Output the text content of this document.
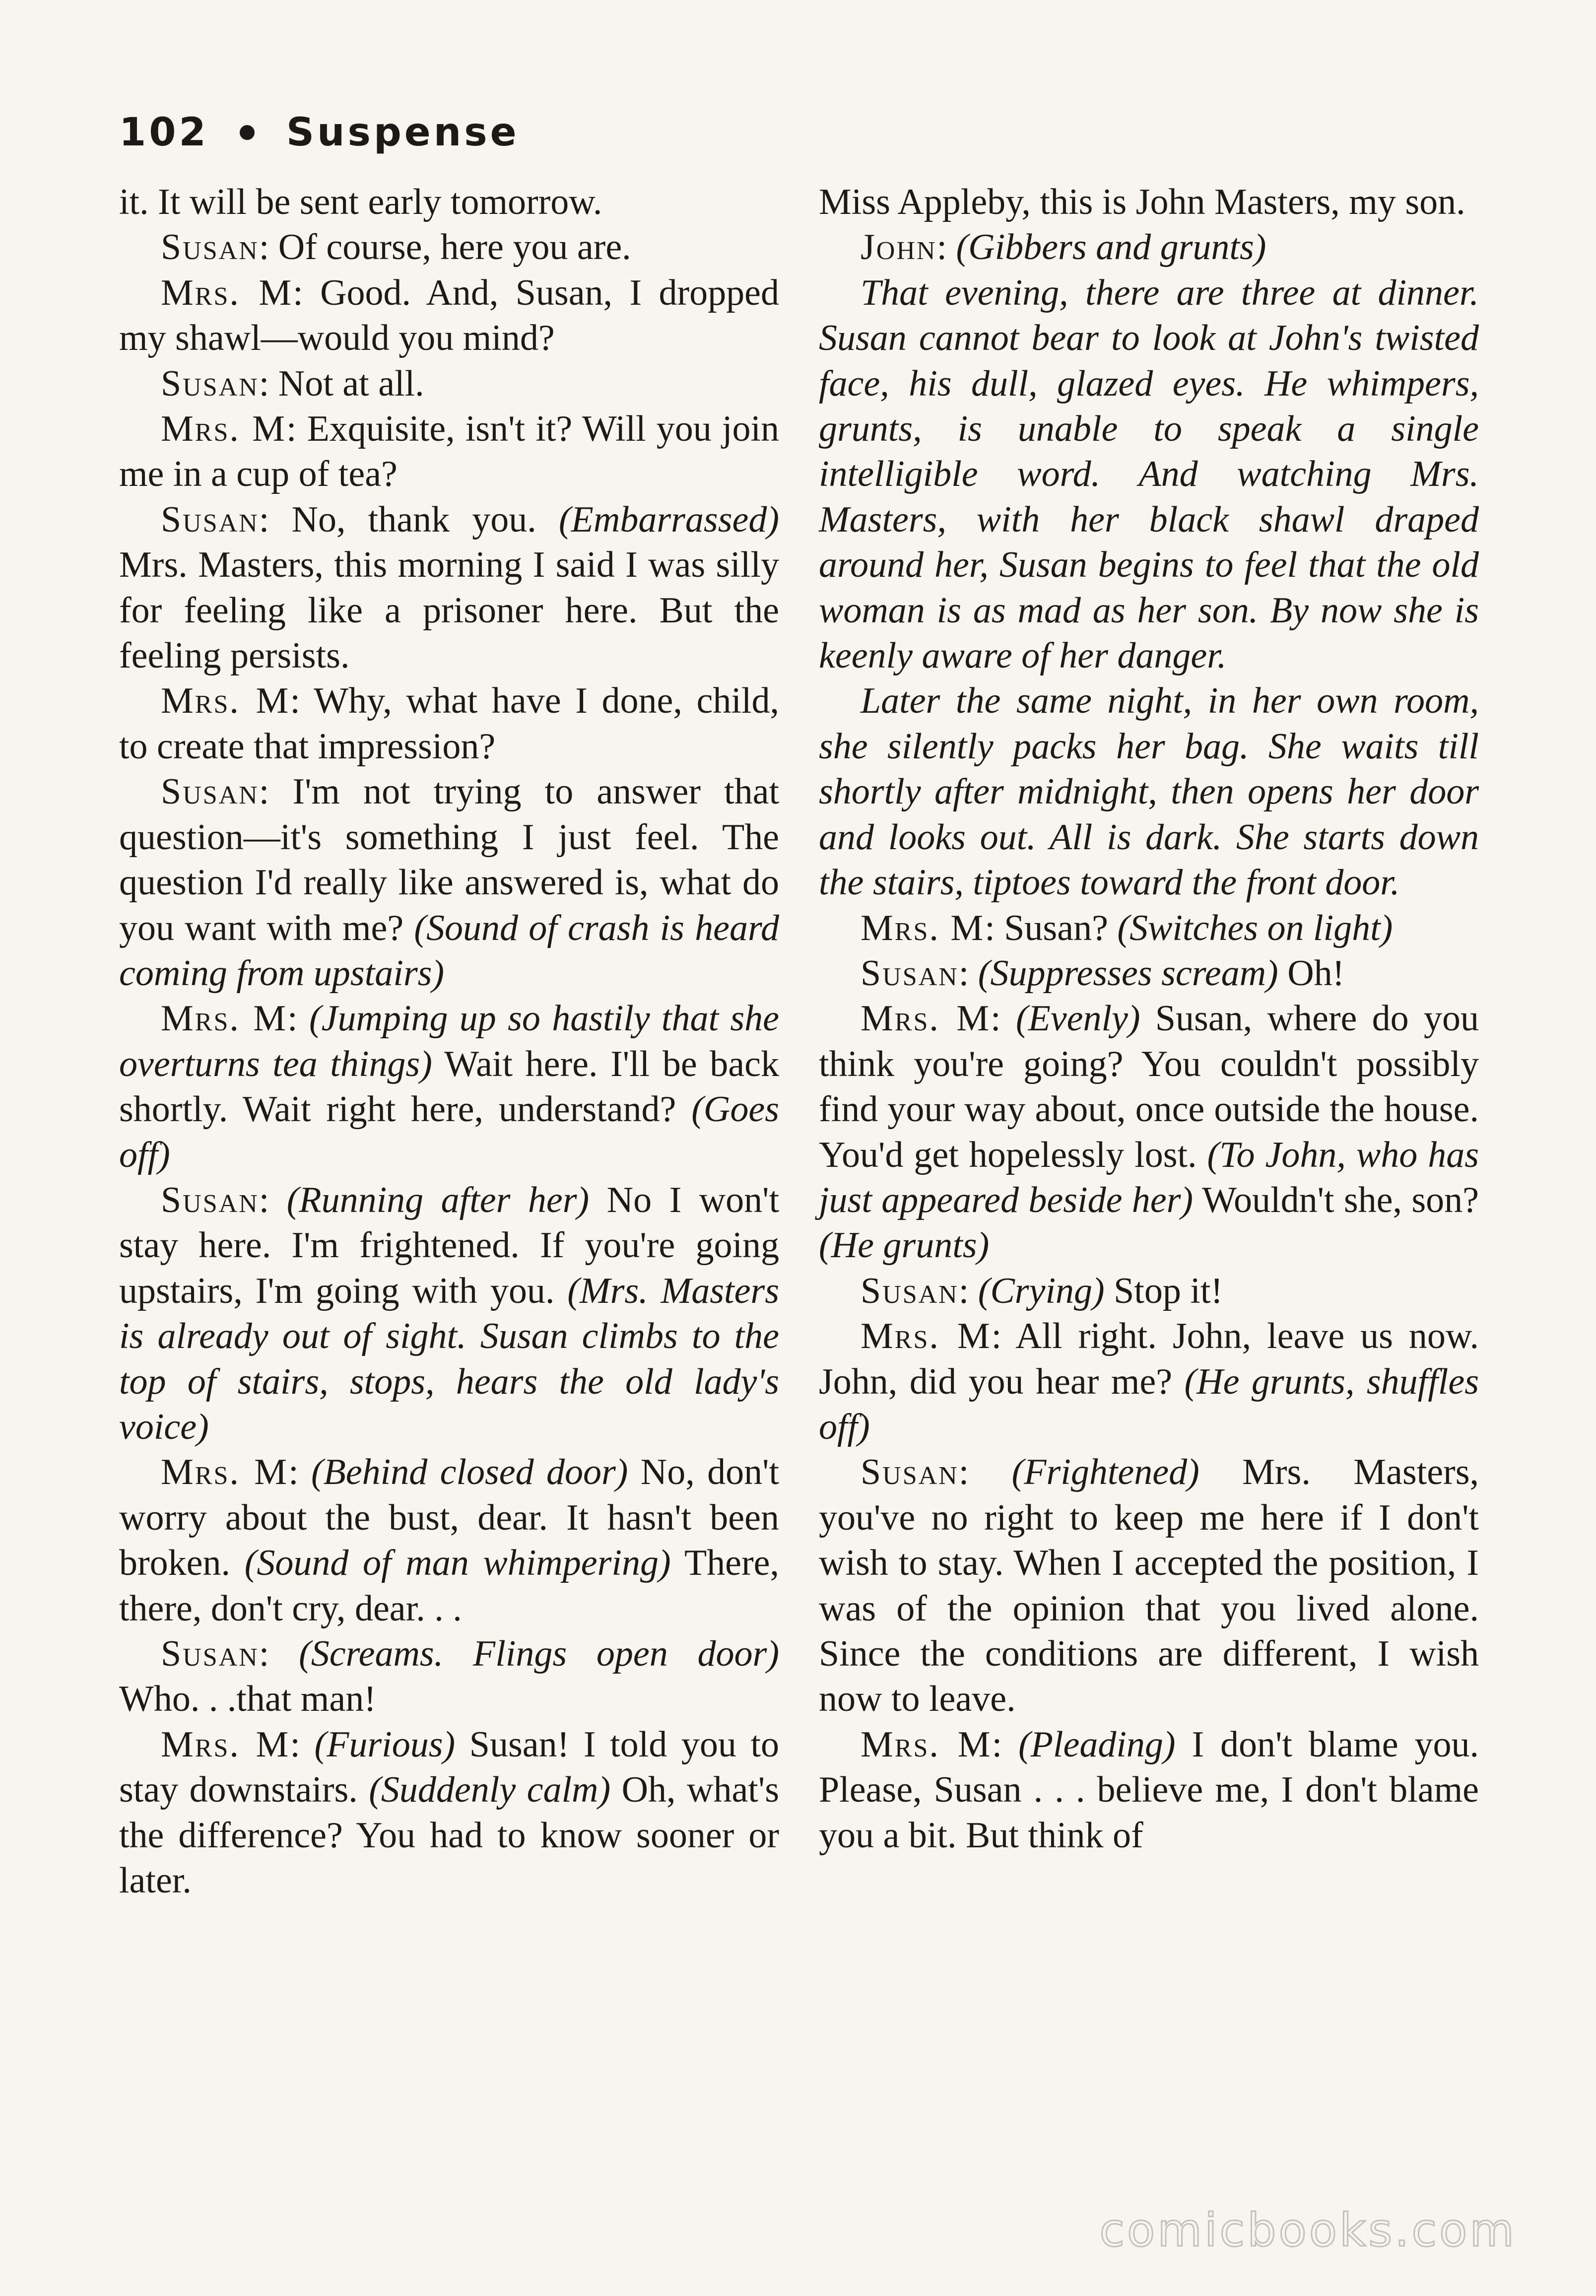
102 Suspense

it. It will be sent early tomorrow.

Susan: Of course, here you are.

Mrs. M: Good. And, Susan, I dropped my shawl—would you mind?

Susan: Not at all.

Mrs. M: Exquisite, isn't it? Will you join me in a cup of tea?

Susan: No, thank you. (Embarrassed) Mrs. Masters, this morning I said I was silly for feeling like a prisoner here. But the feeling persists.

Mrs. M: Why, what have I done, child, to create that impression?

Susan: I'm not trying to answer that question—it's something I just feel. The question I'd really like answered is, what do you want with me? (Sound of crash is heard coming from upstairs)

Mrs. M: (Jumping up so hastily that she overturns tea things) Wait here. I'll be back shortly. Wait right here, understand? (Goes off)

Susan: (Running after her) No I won't stay here. I'm frightened. If you're going upstairs, I'm going with you. (Mrs. Masters is already out of sight. Susan climbs to the top of stairs, stops, hears the old lady's voice)

Mrs. M: (Behind closed door) No, don't worry about the bust, dear. It hasn't been broken. (Sound of man whimpering) There, there, don't cry, dear. . .

Susan: (Screams. Flings open door) Who. . .that man!

Mrs. M: (Furious) Susan! I told you to stay downstairs. (Suddenly calm) Oh, what's the difference? You had to know sooner or later.

Miss Appleby, this is John Masters, my son.

John: (Gibbers and grunts)

That evening, there are three at dinner. Susan cannot bear to look at John's twisted face, his dull, glazed eyes. He whimpers, grunts, is unable to speak a single intelligible word. And watching Mrs. Masters, with her black shawl draped around her, Susan begins to feel that the old woman is as mad as her son. By now she is keenly aware of her danger.

Later the same night, in her own room, she silently packs her bag. She waits till shortly after midnight, then opens her door and looks out. All is dark. She starts down the stairs, tiptoes toward the front door.

Mrs. M: Susan? (Switches on light)

Susan: (Suppresses scream) Oh!

Mrs. M: (Evenly) Susan, where do you think you're going? You couldn't possibly find your way about, once outside the house. You'd get hopelessly lost. (To John, who has just appeared beside her) Wouldn't she, son? (He grunts)

Susan: (Crying) Stop it!

Mrs. M: All right. John, leave us now. John, did you hear me? (He grunts, shuffles off)

Susan: (Frightened) Mrs. Masters, you've no right to keep me here if I don't wish to stay. When I accepted the position, I was of the opinion that you lived alone. Since the conditions are different, I wish now to leave.

Mrs. M: (Pleading) I don't blame you. Please, Susan . . . believe me, I don't blame you a bit. But think of

comicbooks.com
